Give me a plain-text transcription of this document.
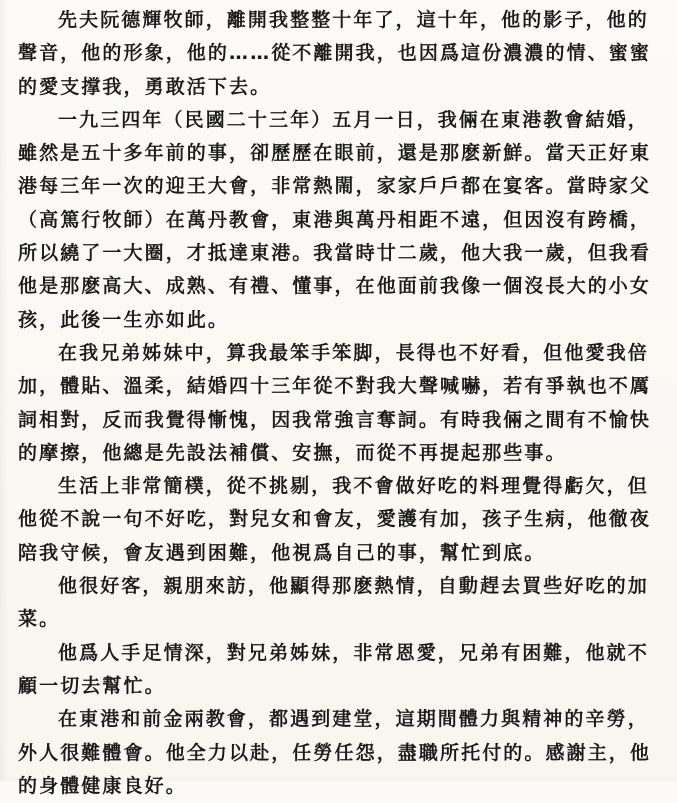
先夫阮德輝牧師，離開我整整十年了，這十年，他的影子，他的
聲音，他的形象，他的……從不離開我，也因爲這份濃濃的情、蜜蜜
的愛支撑我，勇敢活下去。
一九三四年（民國二十三年）五月一日，我倆在東港教會結婚，
雖然是五十多年前的事，卻歷歷在眼前，還是那麽新鮮。當天正好東
港每三年一次的迎王大會，非常熱閙，家家戶戶都在宴客。當時家父
（高篤行牧師）在萬丹教會，東港與萬丹相距不遠，但因沒有跨橋，
所以繞了一大圈，才抵達東港。我當時廿二歲，他大我一歲，但我看
他是那麽高大、成熟、有禮、懂事，在他面前我像一個沒長大的小女
孩，此後一生亦如此。
在我兄弟姊妹中，算我最笨手笨脚，長得也不好看，但他愛我倍
加，體貼、溫柔，結婚四十三年從不對我大聲喊嚇，若有爭執也不厲
詞相對，反而我覺得慚愧，因我常強言奪詞。有時我倆之間有不愉快
的摩擦，他總是先設法補償、安撫，而從不再提起那些事。
生活上非常簡樸，從不挑剔，我不會做好吃的料理覺得虧欠，但
他從不說一句不好吃，對兒女和會友，愛護有加，孩子生病，他徹夜
陪我守候，會友遇到困難，他視爲自己的事，幫忙到底。
他很好客，親朋來訪，他顯得那麽熱情，自動趕去買些好吃的加
菜。
他爲人手足情深，對兄弟姊妹，非常恩愛，兄弟有困難，他就不
顧一切去幫忙。
在東港和前金兩教會，都遇到建堂，這期間體力與精神的辛勞，
外人很難體會。他全力以赴，任勞任怨，盡職所托付的。感謝主，他
的身體健康良好。
